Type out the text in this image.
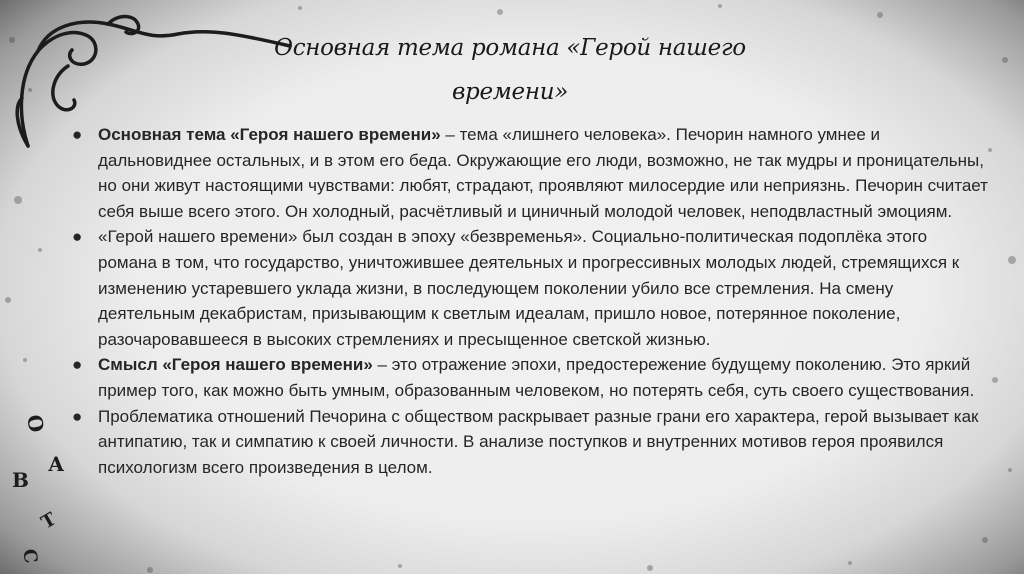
О
А
В
Т
С
Основная тема романа «Герой нашего
времени»
● Основная тема «Героя нашего времени» – тема «лишнего человека». Печорин намного умнее и дальновиднее остальных, и в этом его беда. Окружающие его люди, возможно, не так мудры и проницательны, но они живут настоящими чувствами: любят, страдают, проявляют милосердие или неприязнь. Печорин считает себя выше всего этого. Он холодный, расчётливый и циничный молодой человек, неподвластный эмоциям.
● «Герой нашего времени» был создан в эпоху «безвременья». Социально-политическая подоплёка этого романа в том, что государство, уничтожившее деятельных и прогрессивных молодых людей, стремящихся к изменению устаревшего уклада жизни, в последующем поколении убило все стремления. На смену деятельным декабристам, призывающим к светлым идеалам, пришло новое, потерянное поколение, разочаровавшееся в высоких стремлениях и пресыщенное светской жизнью.
● Смысл «Героя нашего времени» – это отражение эпохи, предостережение будущему поколению. Это яркий пример того, как можно быть умным, образованным человеком, но потерять себя, суть своего существования.
● Проблематика отношений Печорина с обществом раскрывает разные грани его характера, герой вызывает как антипатию, так и симпатию к своей личности. В анализе поступков и внутренних мотивов героя проявился психологизм всего произведения в целом.
